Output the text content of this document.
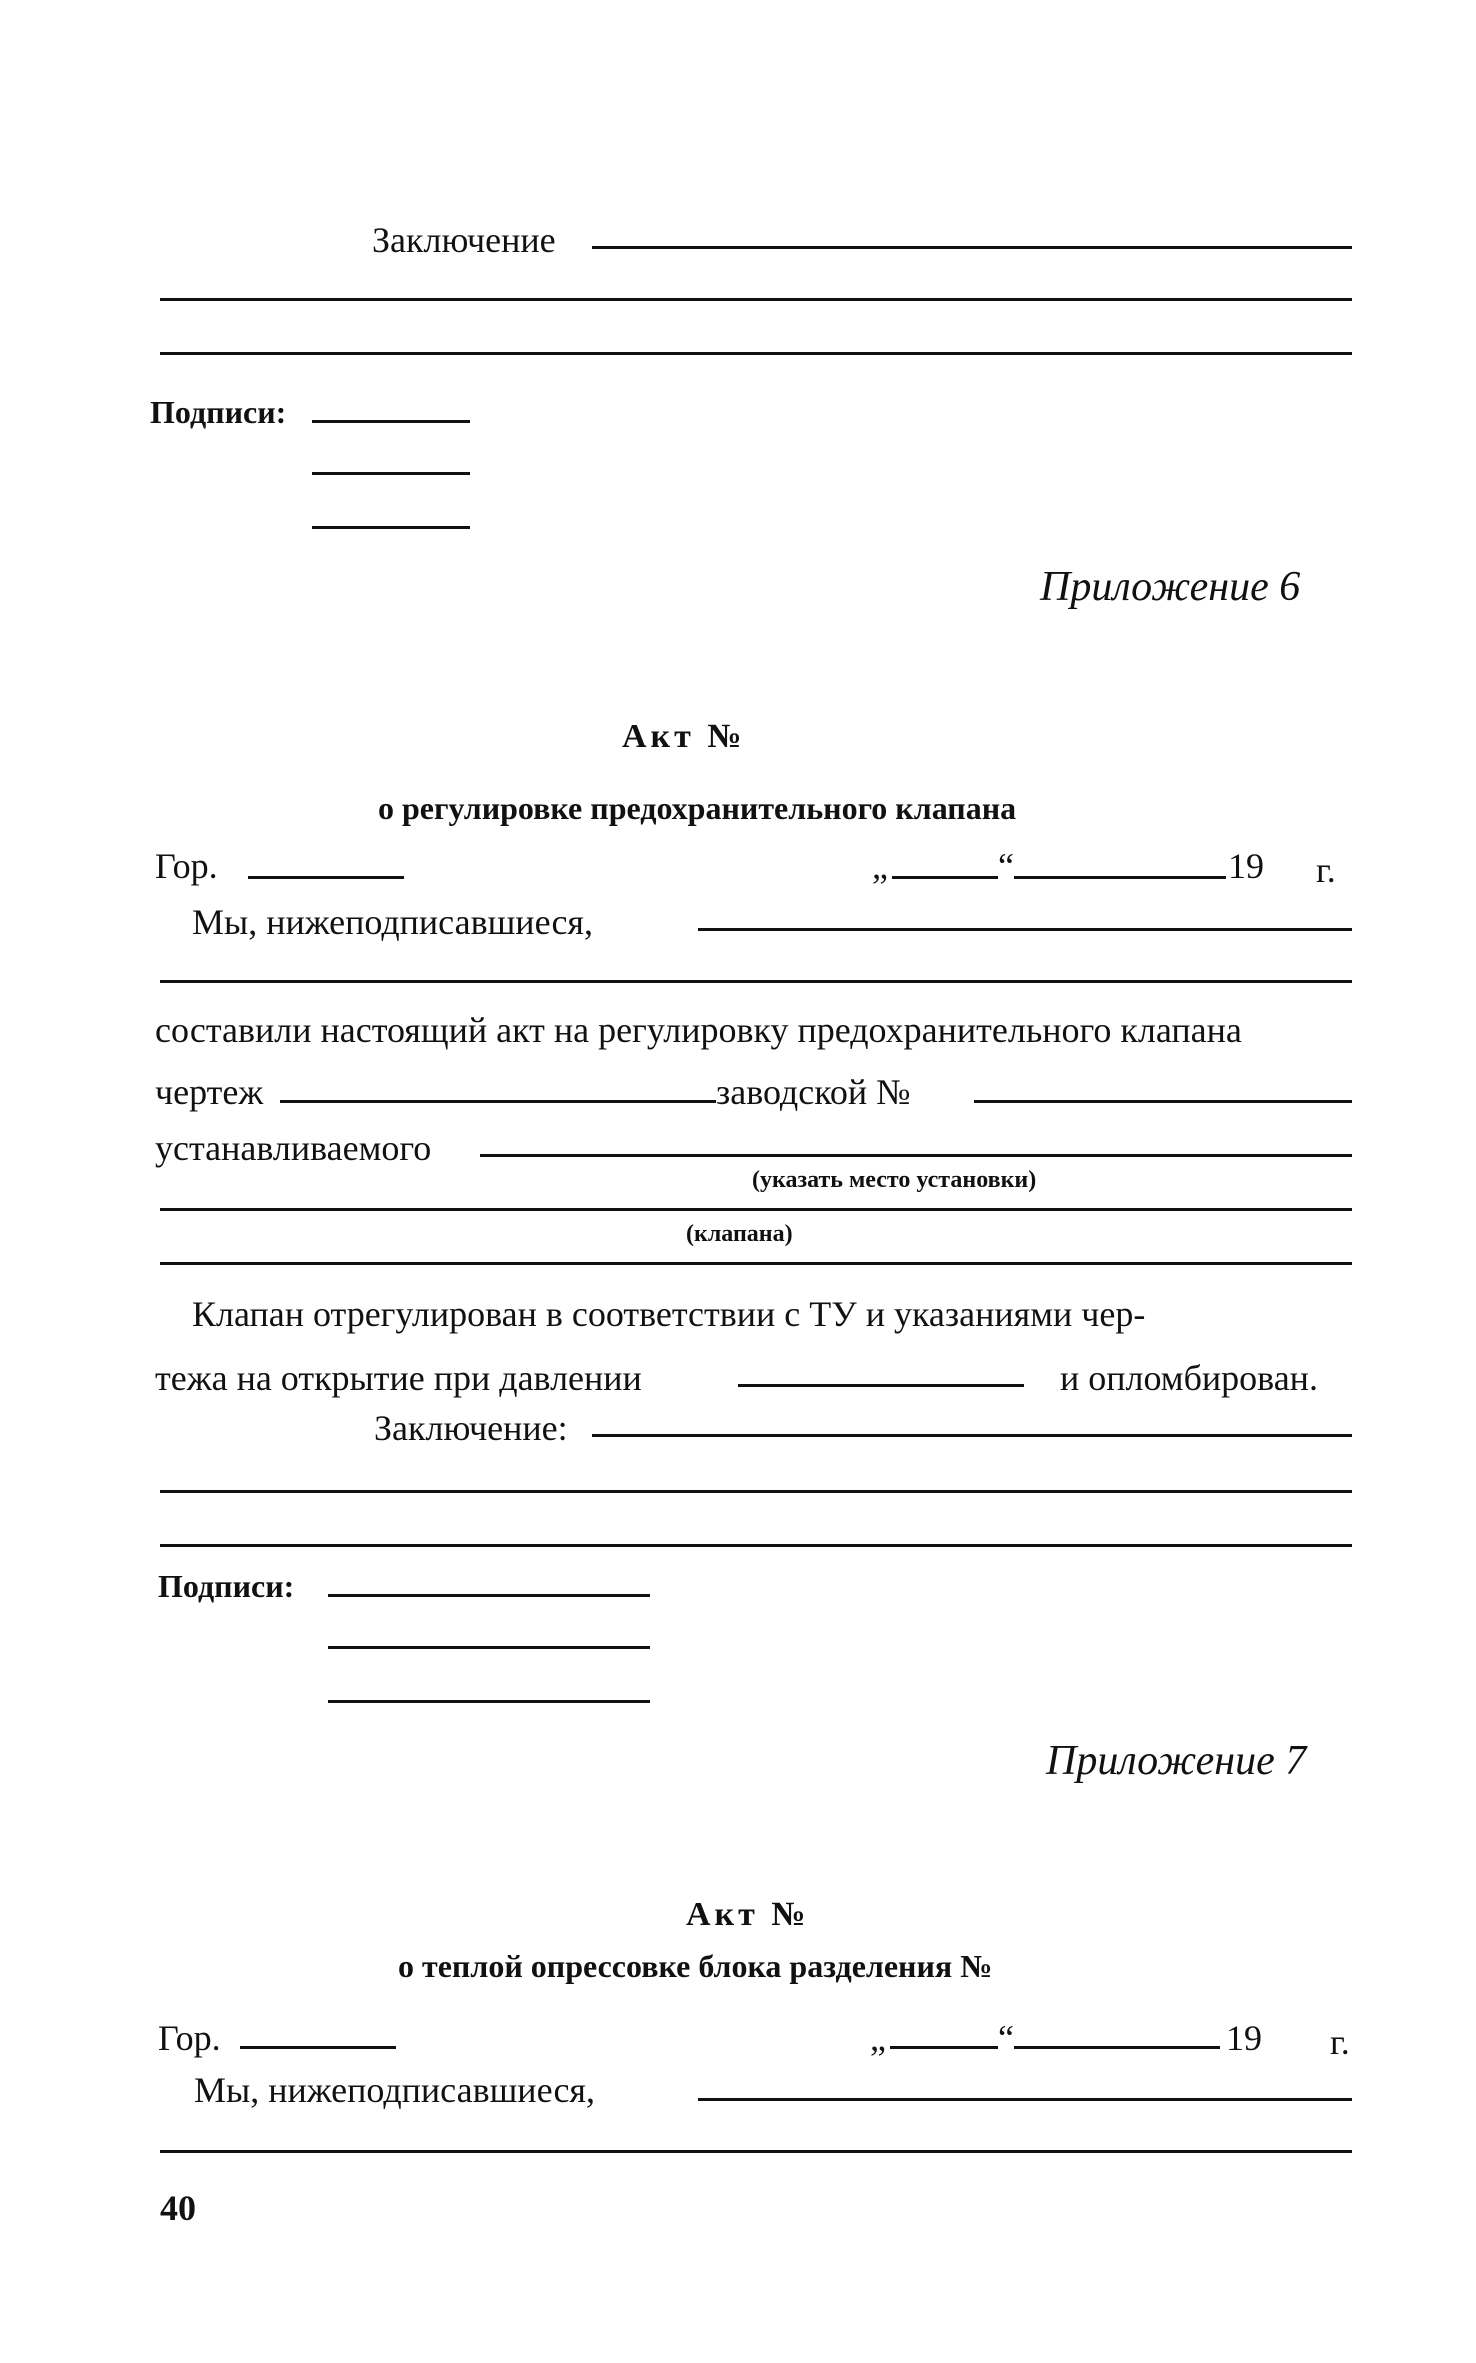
Заключение
Подписи:
Приложение 6
Акт №
о регулировке предохранительного клапана
Гор.	„	“	19 г.
Мы, нижеподписавшиеся,
составили настоящий акт на регулировку предохранительного клапана
чертеж	заводской №
устанавливаемого
(указать место установки)
(клапана)
Клапан отрегулирован в соответствии с ТУ и указаниями чер-
тежа на открытие при давлении	и опломбирован.
Заключение:
Подписи:
Приложение 7
Акт №
о теплой опрессовке блока разделения №
Гор.	„	“	19 г.
Мы, нижеподписавшиеся,
40
